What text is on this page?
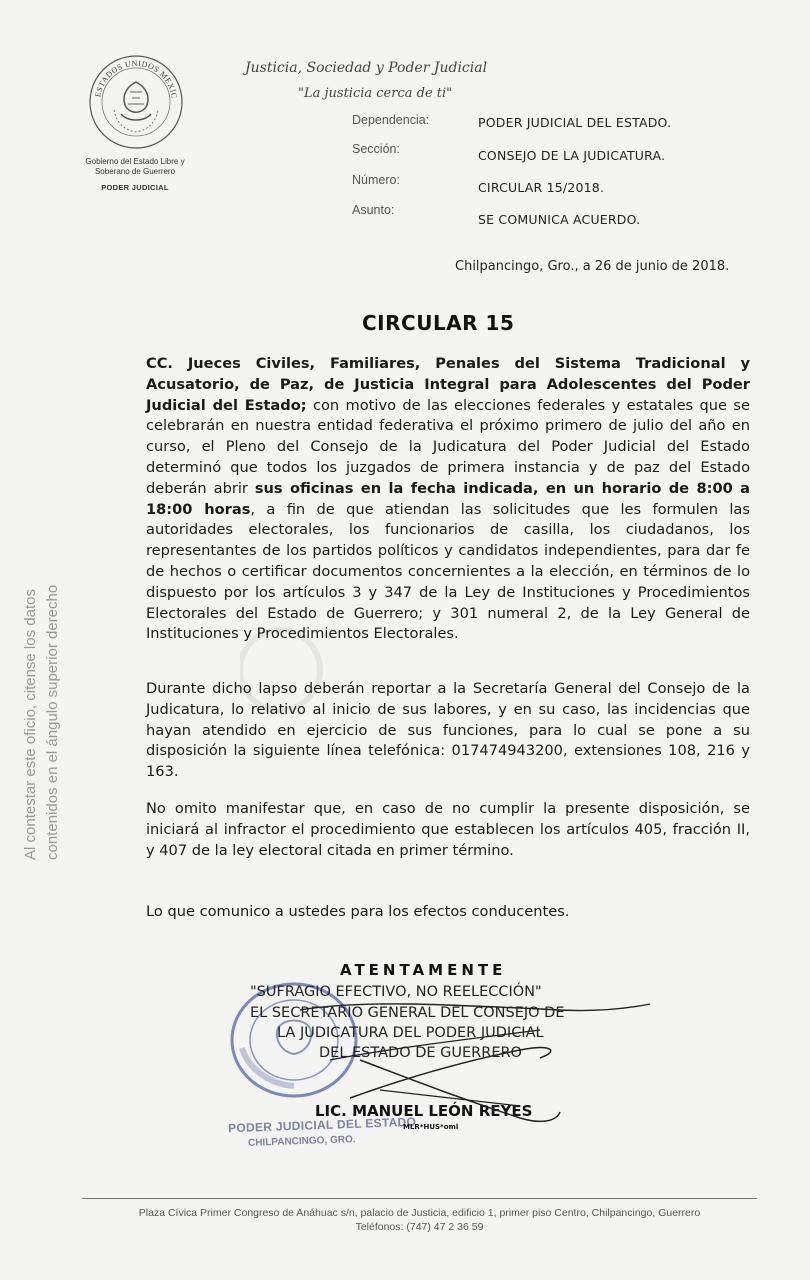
ESTADOS UNIDOS MEXIC
Gobierno del Estado Libre y
Soberano de Guerrero
PODER JUDICIAL
Justicia, Sociedad y Poder Judicial
"La justicia cerca de ti"
Dependencia:	PODER JUDICIAL DEL ESTADO.
Sección:	CONSEJO DE LA JUDICATURA.
Número:	CIRCULAR 15/2018.
Asunto:
SE COMUNICA ACUERDO.
Chilpancingo, Gro., a 26 de junio de 2018.
CIRCULAR 15
CC. Jueces Civiles, Familiares, Penales del Sistema Tradicional y Acusatorio, de Paz, de Justicia Integral para Adolescentes del Poder Judicial del Estado; con motivo de las elecciones federales y estatales que se celebrarán en nuestra entidad federativa el próximo primero de julio del año en curso, el Pleno del Consejo de la Judicatura del Poder Judicial del Estado determinó que todos los juzgados de primera instancia y de paz del Estado deberán abrir sus oficinas en la fecha indicada, en un horario de 8:00 a 18:00 horas, a fin de que atiendan las solicitudes que les formulen las autoridades electorales, los funcionarios de casilla, los ciudadanos, los representantes de los partidos políticos y candidatos independientes, para dar fe de hechos o certificar documentos concernientes a la elección, en términos de lo dispuesto por los artículos 3 y 347 de la Ley de Instituciones y Procedimientos Electorales del Estado de Guerrero; y 301 numeral 2, de la Ley General de Instituciones y Procedimientos Electorales.
Durante dicho lapso deberán reportar a la Secretaría General del Consejo de la Judicatura, lo relativo al inicio de sus labores, y en su caso, las incidencias que hayan atendido en ejercicio de sus funciones, para lo cual se pone a su disposición la siguiente línea telefónica: 017474943200, extensiones 108, 216 y 163.
No omito manifestar que, en caso de no cumplir la presente disposición, se iniciará al infractor el procedimiento que establecen los artículos 405, fracción II, y 407 de la ley electoral citada en primer término.
Lo que comunico a ustedes para los efectos conducentes.
Al contestar este oficio, citense los datos contenidos en el ángulo superior derecho
ATENTAMENTE
"SUFRAGIO EFECTIVO, NO REELECCIÓN"
EL SECRETARIO GENERAL DEL CONSEJO DE
LA JUDICATURA DEL PODER JUDICIAL
DEL ESTADO DE GUERRERO
PODER JUDICIAL DEL ESTADO
CHILPANCINGO, GRO.
LIC. MANUEL LEÓN REYES
MLR*HUS*oml
Plaza Cívica Primer Congreso de Anáhuac s/n, palacio de Justicia, edificio 1, primer piso Centro, Chilpancingo, Guerrero
Teléfonos: (747) 47 2 36 59
